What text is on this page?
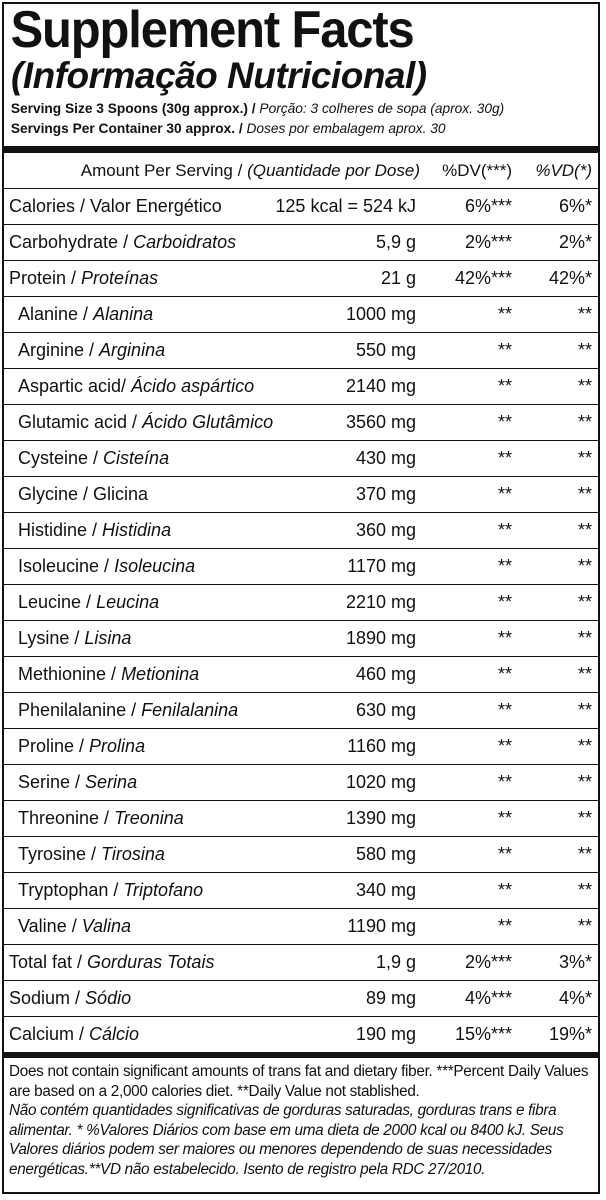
Supplement Facts
(Informação Nutricional)
Serving Size 3 Spoons (30g approx.) / Porção: 3 colheres de sopa (aprox. 30g)
Servings Per Container 30 approx. / Doses por embalagem aprox. 30
Amount Per Serving / (Quantidade por Dose)		%DV(***)	%VD(*)
Calories / Valor Energético	125 kcal = 524 kJ	6%***	6%*
Carbohydrate / Carboidratos	5,9 g	2%***	2%*
Protein / Proteínas	21 g	42%***	42%*
Alanine / Alanina	1000 mg	**	**
Arginine / Arginina	550 mg	**	**
Aspartic acid/ Ácido aspártico	2140 mg	**	**
Glutamic acid / Ácido Glutâmico	3560 mg	**	**
Cysteine / Cisteína	430 mg	**	**
Glycine / Glicina	370 mg	**	**
Histidine / Histidina	360 mg	**	**
Isoleucine / Isoleucina	1170 mg	**	**
Leucine / Leucina	2210 mg	**	**
Lysine / Lisina	1890 mg	**	**
Methionine / Metionina	460 mg	**	**
Phenilalanine / Fenilalanina	630 mg	**	**
Proline / Prolina	1160 mg	**	**
Serine / Serina	1020 mg	**	**
Threonine / Treonina	1390 mg	**	**
Tyrosine / Tirosina	580 mg	**	**
Tryptophan / Triptofano	340 mg	**	**
Valine / Valina	1190 mg	**	**
Total fat / Gorduras Totais	1,9 g	2%***	3%*
Sodium / Sódio	89 mg	4%***	4%*
Calcium / Cálcio	190 mg	15%***	19%*

Does not contain significant amounts of trans fat and dietary fiber. ***Percent Daily Values are based on a 2,000 calories diet. **Daily Value not stablished.

Não contém quantidades significativas de gorduras saturadas, gorduras trans e fibra alimentar. * %Valores Diários com base em uma dieta de 2000 kcal ou 8400 kJ. Seus Valores diários podem ser maiores ou menores dependendo de suas necessidades energéticas.**VD não estabelecido. Isento de registro pela RDC 27/2010.
